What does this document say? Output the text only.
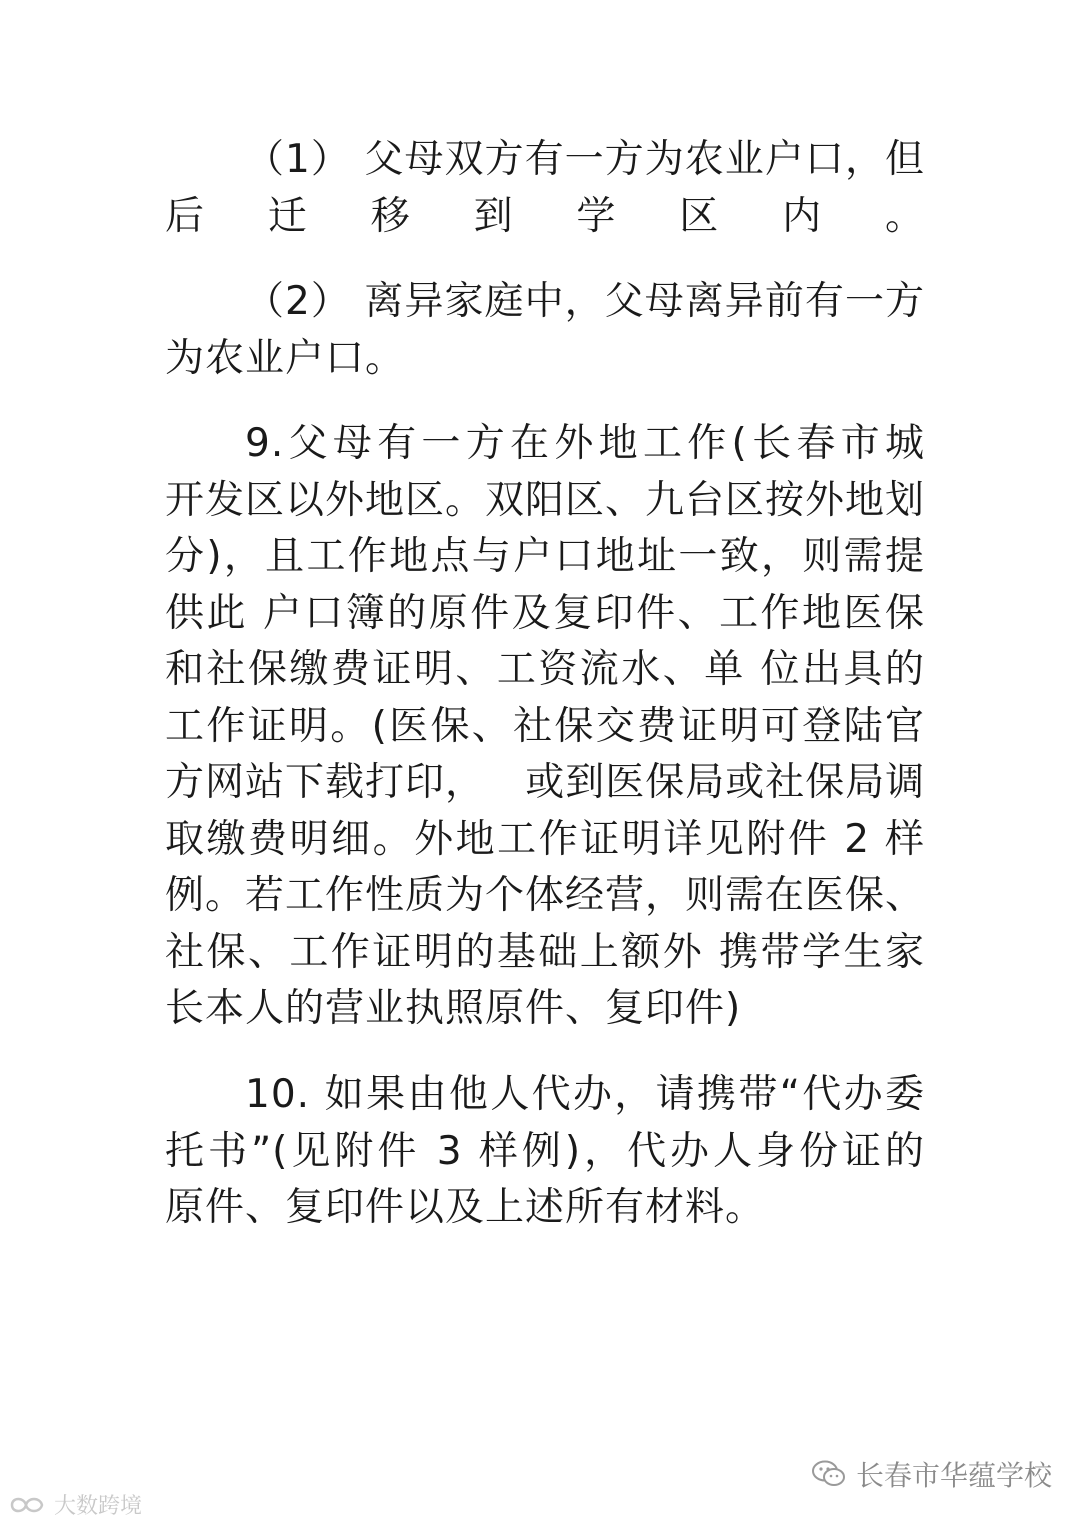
（1） 父母双方有一方为农业户口，但
后迁移到学区内。
（2） 离异家庭中，父母离异前有一方
为农业户口。
9.父母有一方在外地工作(长春市城
开发区以外地区。双阳区、九台区按外地划
分)，且工作地点与户口地址一致，则需提
供此 户口簿的原件及复印件、工作地医保
和社保缴费证明、工资流水、单 位出具的
工作证明。(医保、社保交费证明可登陆官
方网站下载打印，   或到医保局或社保局调
取缴费明细。外地工作证明详见附件 2 样
例。若工作性质为个体经营，则需在医保、
社保、工作证明的基础上额外 携带学生家
长本人的营业执照原件、复印件)
10. 如果由他人代办，请携带“代办委
托书”(见附件 3 样例)，代办人身份证的
原件、复印件以及上述所有材料。
长春市华蕴学校
大数跨境
